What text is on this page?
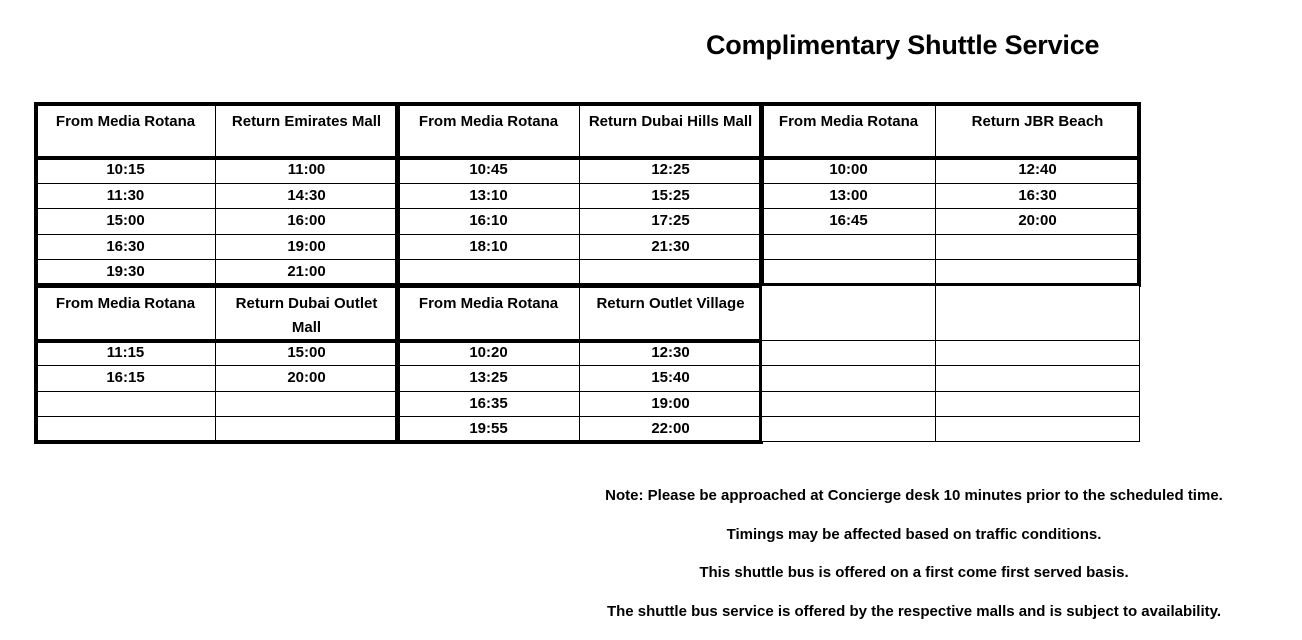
Complimentary Shuttle Service
From Media Rotana	Return Emirates Mall
10:15	11:00
11:30	14:30
15:00	16:00
16:30	19:00
19:30	21:00
From Media Rotana	Return Dubai Hills Mall
10:45	12:25
13:10	15:25
16:10	17:25
18:10	21:30
From Media Rotana	Return JBR Beach
10:00	12:40
13:00	16:30
16:45	20:00
From Media Rotana	Return Dubai Outlet Mall
11:15	15:00
16:15	20:00
From Media Rotana	Return Outlet Village
10:20	12:30
13:25	15:40
16:35	19:00
19:55	22:00
Note: Please be approached at Concierge desk 10 minutes prior to the scheduled time.
Timings may be affected based on traffic conditions.
This shuttle bus is offered on a first come first served basis.
The shuttle bus service is offered by the respective malls and is subject to availability.
